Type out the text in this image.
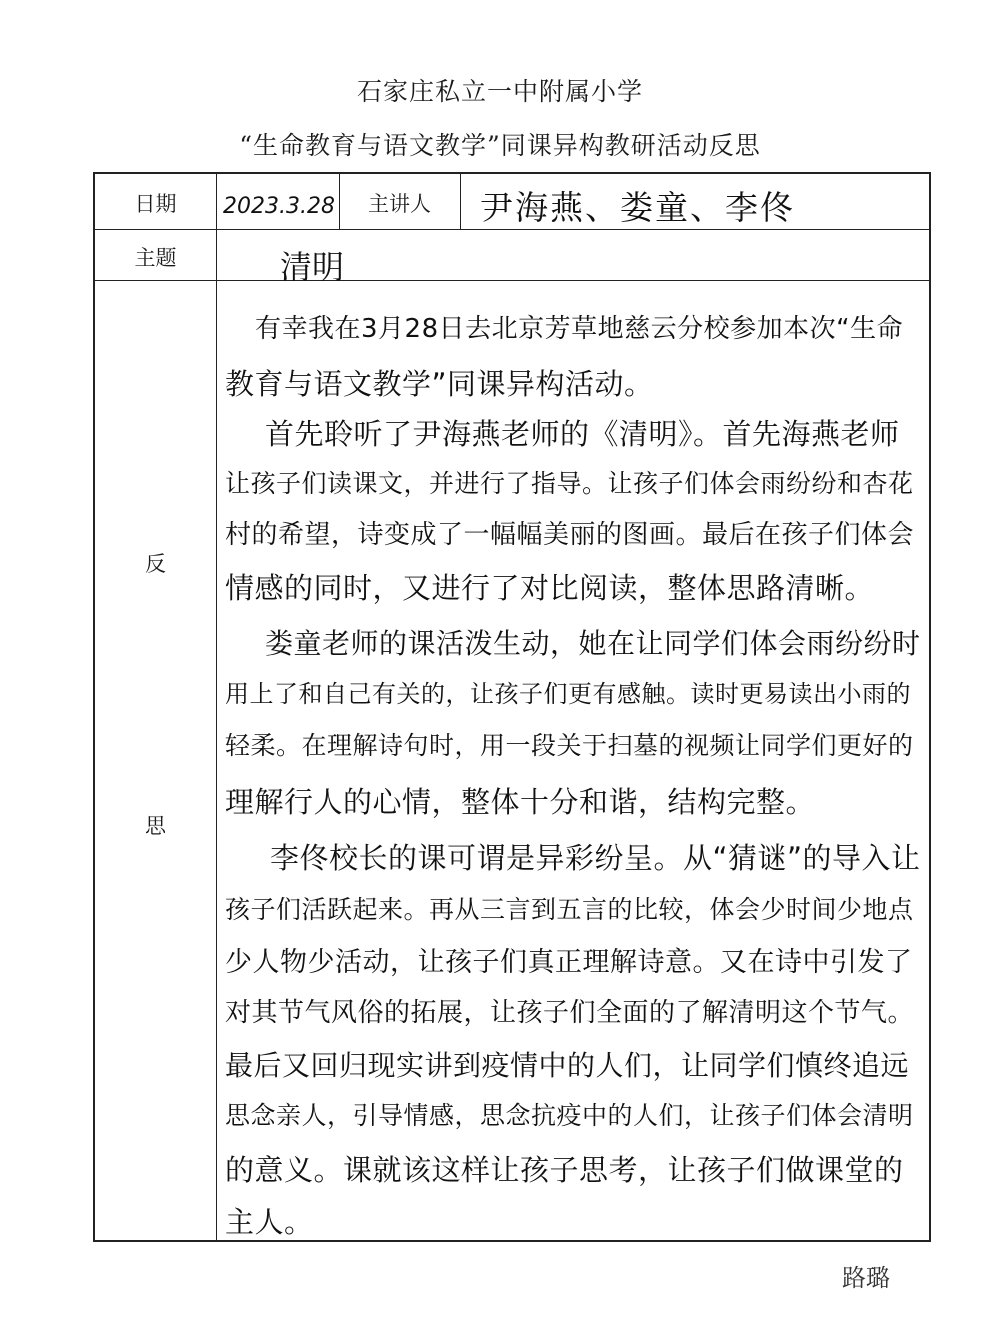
石家庄私立一中附属小学
“生命教育与语文教学”同课异构教研活动反思
日期	2023.3.28	主讲人	尹海燕、娄童、李佟
主题	清明
反
思
有幸我在3月28日去北京芳草地慈云分校参加本次“生命
教育与语文教学”同课异构活动。
首先聆听了尹海燕老师的《清明》。首先海燕老师
让孩子们读课文，并进行了指导。让孩子们体会雨纷纷和杏花
村的希望，诗变成了一幅幅美丽的图画。最后在孩子们体会
情感的同时，又进行了对比阅读，整体思路清晰。
娄童老师的课活泼生动，她在让同学们体会雨纷纷时
用上了和自己有关的，让孩子们更有感触。读时更易读出小雨的
轻柔。在理解诗句时，用一段关于扫墓的视频让同学们更好的
理解行人的心情，整体十分和谐，结构完整。
李佟校长的课可谓是异彩纷呈。从“猜谜”的导入让
孩子们活跃起来。再从三言到五言的比较，体会少时间少地点
少人物少活动，让孩子们真正理解诗意。又在诗中引发了
对其节气风俗的拓展，让孩子们全面的了解清明这个节气。
最后又回归现实讲到疫情中的人们，让同学们慎终追远
思念亲人，引导情感，思念抗疫中的人们，让孩子们体会清明
的意义。课就该这样让孩子思考，让孩子们做课堂的
主人。
路璐
